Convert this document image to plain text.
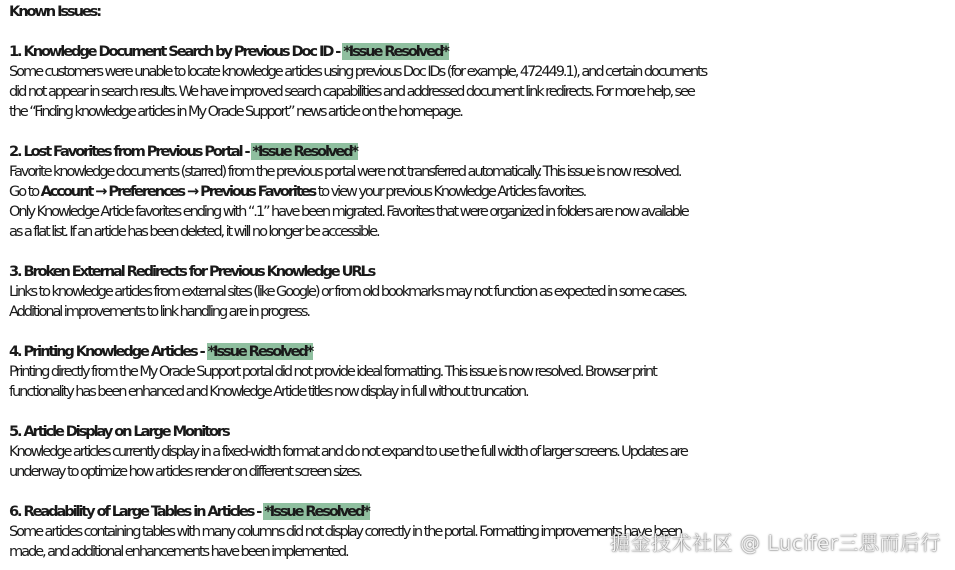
Known Issues:
1. Knowledge Document Search by Previous Doc ID - *Issue Resolved*
Some customers were unable to locate knowledge articles using previous Doc IDs (for example, 472449.1), and certain documents
did not appear in search results. We have improved search capabilities and addressed document link redirects. For more help, see
the “Finding knowledge articles in My Oracle Support” news article on the homepage.
2. Lost Favorites from Previous Portal - *Issue Resolved*
Favorite knowledge documents (starred) from the previous portal were not transferred automatically. This issue is now resolved.
Go to Account → Preferences → Previous Favorites to view your previous Knowledge Articles favorites.
Only Knowledge Article favorites ending with “.1” have been migrated. Favorites that were organized in folders are now available
as a flat list. If an article has been deleted, it will no longer be accessible.
3. Broken External Redirects for Previous Knowledge URLs
Links to knowledge articles from external sites (like Google) or from old bookmarks may not function as expected in some cases.
Additional improvements to link handling are in progress.
4. Printing Knowledge Articles - *Issue Resolved*
Printing directly from the My Oracle Support portal did not provide ideal formatting. This issue is now resolved. Browser print
functionality has been enhanced and Knowledge Article titles now display in full without truncation.
5. Article Display on Large Monitors
Knowledge articles currently display in a fixed-width format and do not expand to use the full width of larger screens. Updates are
underway to optimize how articles render on different screen sizes.
6. Readability of Large Tables in Articles - *Issue Resolved*
Some articles containing tables with many columns did not display correctly in the portal. Formatting improvements have been
made, and additional enhancements have been implemented.	掘金技术社区 @ Lucifer三思而后行
